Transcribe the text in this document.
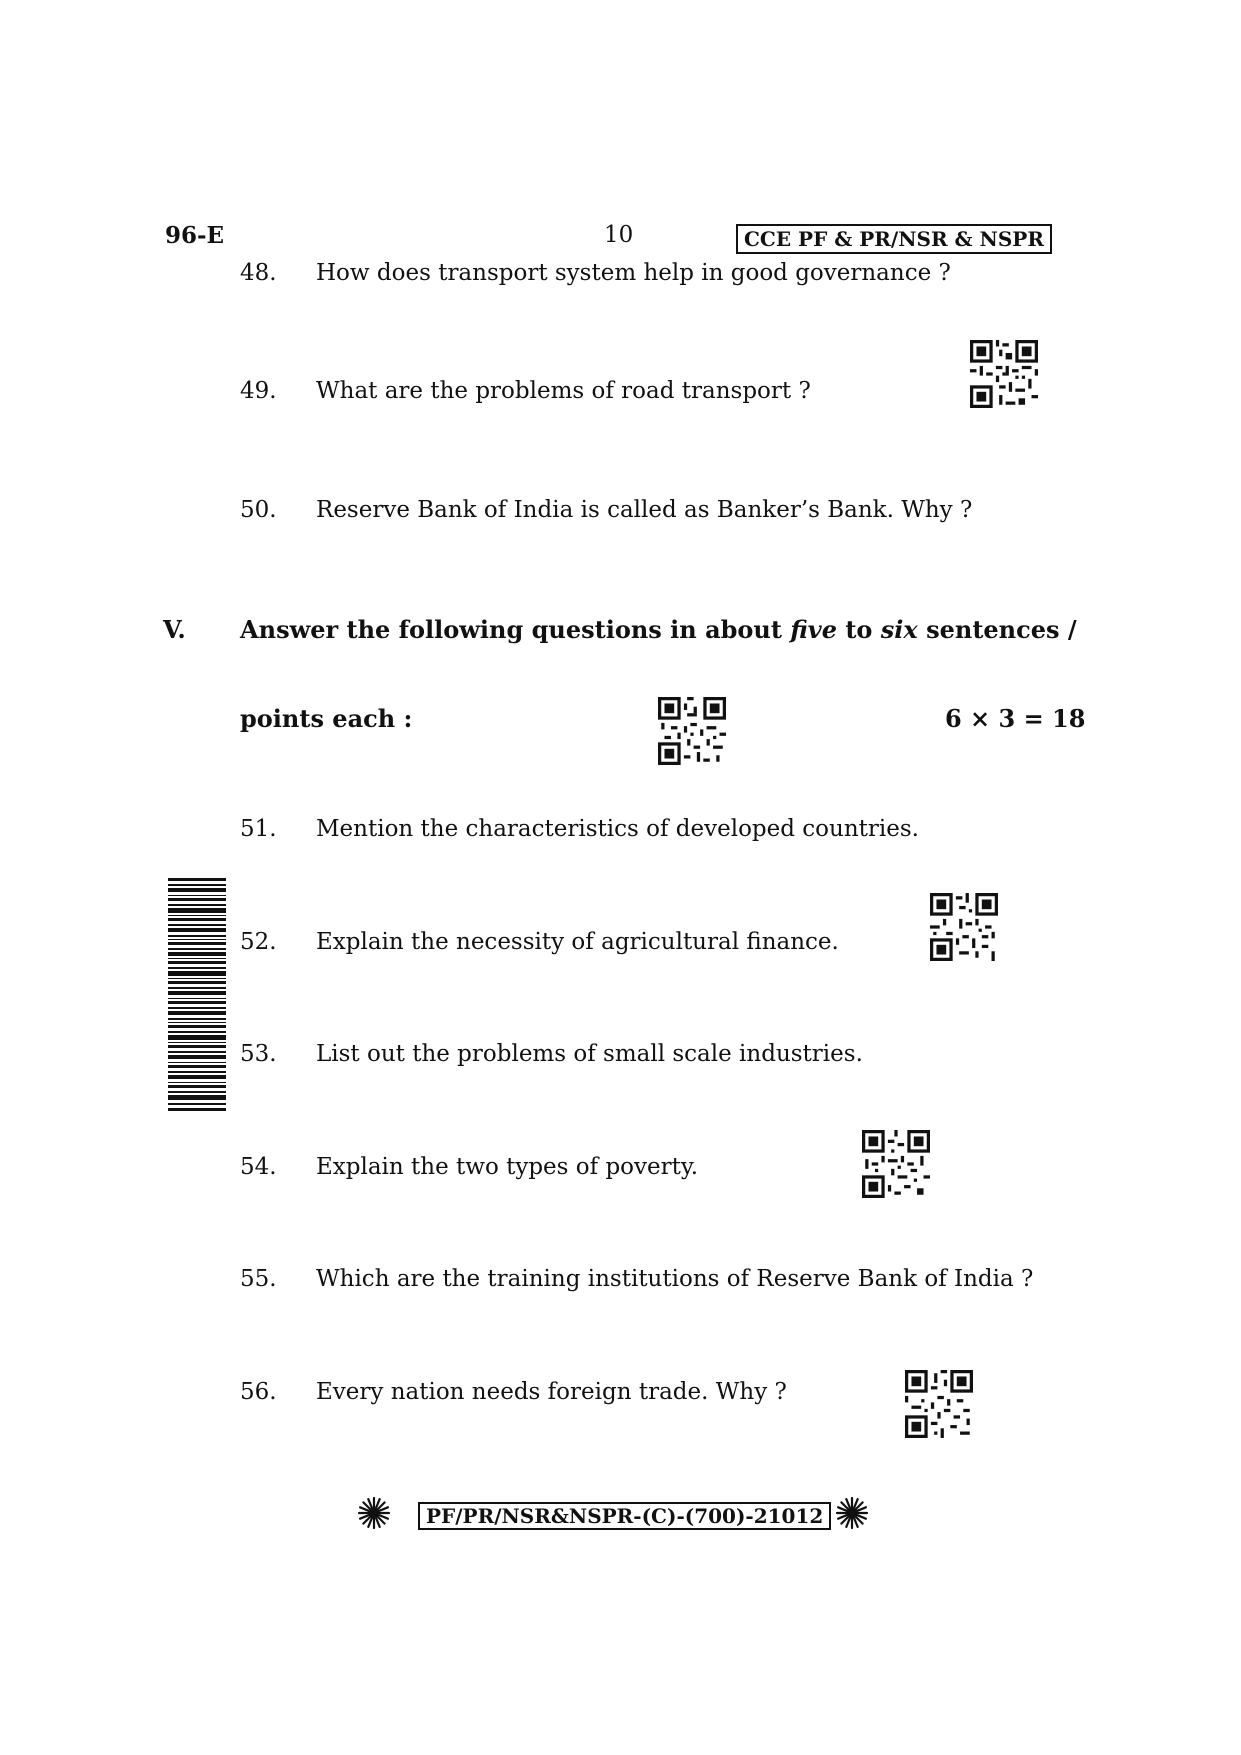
96-E	10	CCE PF & PR/NSR & NSPR
48. How does transport system help in good governance ?
49. What are the problems of road transport ?
50. Reserve Bank of India is called as Banker’s Bank. Why ?
V. Answer the following questions in about five to six sentences /
points each :	6 × 3 = 18
51. Mention the characteristics of developed countries.
52. Explain the necessity of agricultural finance.
53. List out the problems of small scale industries.
54. Explain the two types of poverty.
55. Which are the training institutions of Reserve Bank of India ?
56. Every nation needs foreign trade. Why ?
PF/PR/NSR&NSPR-(C)-(700)-21012
